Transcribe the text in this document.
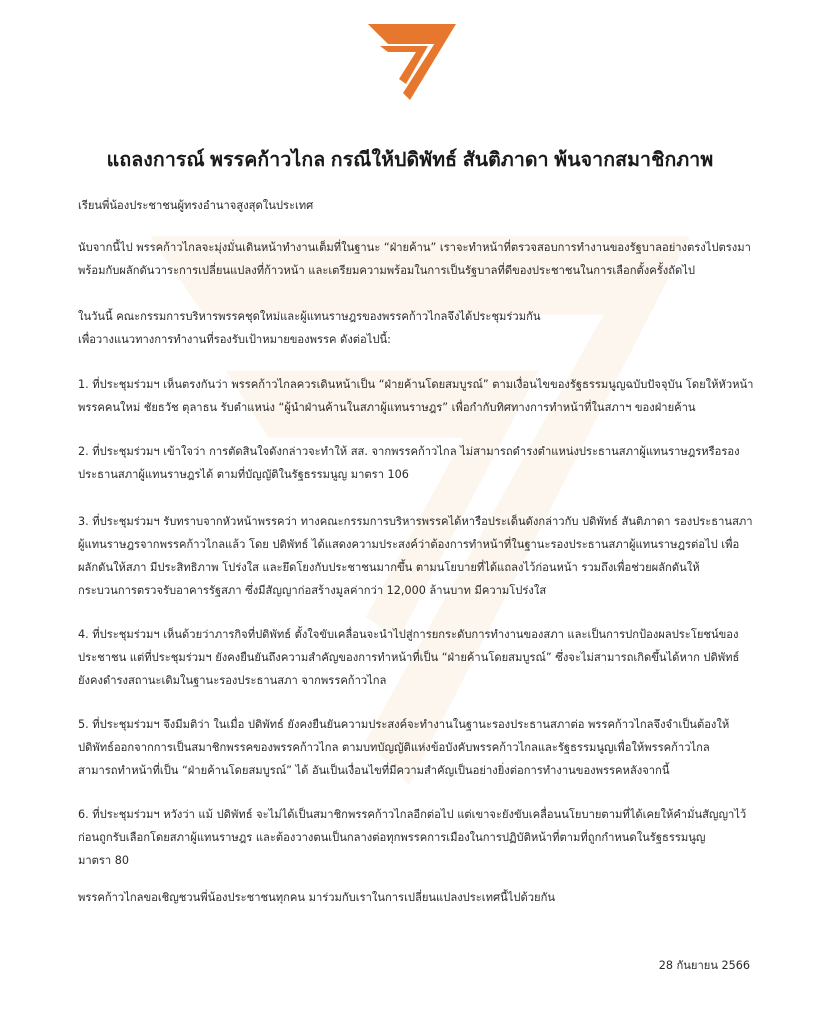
แถลงการณ์ พรรคก้าวไกล กรณีให้ปดิพัทธ์ สันติภาดา พ้นจากสมาชิกภาพ
เรียนพี่น้องประชาชนผู้ทรงอำนาจสูงสุดในประเทศ
นับจากนี้ไป พรรคก้าวไกลจะมุ่งมั่นเดินหน้าทำงานเต็มที่ในฐานะ “ฝ่ายค้าน” เราจะทำหน้าที่ตรวจสอบการทำงานของรัฐบาลอย่างตรงไปตรงมา
พร้อมกับผลักดันวาระการเปลี่ยนแปลงที่ก้าวหน้า และเตรียมความพร้อมในการเป็นรัฐบาลที่ดีของประชาชนในการเลือกตั้งครั้งถัดไป
ในวันนี้ คณะกรรมการบริหารพรรคชุดใหม่และผู้แทนราษฎรของพรรคก้าวไกลจึงได้ประชุมร่วมกัน
เพื่อวางแนวทางการทำงานที่รองรับเป้าหมายของพรรค ดังต่อไปนี้:
1. ที่ประชุมร่วมฯ เห็นตรงกันว่า พรรคก้าวไกลควรเดินหน้าเป็น “ฝ่ายค้านโดยสมบูรณ์” ตามเงื่อนไขของรัฐธรรมนูญฉบับปัจจุบัน โดยให้หัวหน้า
พรรคคนใหม่ ชัยธวัช ตุลาธน รับตำแหน่ง “ผู้นำฝ่านค้านในสภาผู้แทนราษฎร” เพื่อกำกับทิศทางการทำหน้าที่ในสภาฯ ของฝ่ายค้าน
2. ที่ประชุมร่วมฯ เข้าใจว่า การตัดสินใจดังกล่าวจะทำให้ สส. จากพรรคก้าวไกล ไม่สามารถดำรงตำแหน่งประธานสภาผู้แทนราษฎรหรือรอง
ประธานสภาผู้แทนราษฎรได้ ตามที่บัญญัติในรัฐธรรมนูญ มาตรา 106
3. ที่ประชุมร่วมฯ รับทราบจากหัวหน้าพรรคว่า ทางคณะกรรมการบริหารพรรคได้หารือประเด็นดังกล่าวกับ ปดิพัทธ์ สันติภาดา รองประธานสภา
ผู้แทนราษฎรจากพรรคก้าวไกลแล้ว โดย ปดิพัทธ์ ได้แสดงความประสงค์ว่าต้องการทำหน้าที่ในฐานะรองประธานสภาผู้แทนราษฎรต่อไป เพื่อ
ผลักดันให้สภา มีประสิทธิภาพ โปร่งใส และยึดโยงกับประชาชนมากขึ้น ตามนโยบายที่ได้แถลงไว้ก่อนหน้า รวมถึงเพื่อช่วยผลักดันให้
กระบวนการตรวจรับอาคารรัฐสภา ซึ่งมีสัญญาก่อสร้างมูลค่ากว่า 12,000 ล้านบาท มีความโปร่งใส
4. ที่ประชุมร่วมฯ เห็นด้วยว่าภารกิจที่ปดิพัทธ์ ตั้งใจขับเคลื่อนจะนำไปสู่การยกระดับการทำงานของสภา และเป็นการปกป้องผลประโยชน์ของ
ประชาชน แต่ที่ประชุมร่วมฯ ยังคงยืนยันถึงความสำคัญของการทำหน้าที่เป็น “ฝ่ายค้านโดยสมบูรณ์” ซึ่งจะไม่สามารถเกิดขึ้นได้หาก ปดิพัทธ์
ยังคงดำรงสถานะเดิมในฐานะรองประธานสภา จากพรรคก้าวไกล
5. ที่ประชุมร่วมฯ จึงมีมติว่า ในเมื่อ ปดิพัทธ์ ยังคงยืนยันความประสงค์จะทำงานในฐานะรองประธานสภาต่อ พรรคก้าวไกลจึงจำเป็นต้องให้
ปดิพัทธ์ออกจากการเป็นสมาชิกพรรคของพรรคก้าวไกล ตามบทบัญญัติแห่งข้อบังคับพรรคก้าวไกลและรัฐธรรมนูญเพื่อให้พรรคก้าวไกล
สามารถทำหน้าที่เป็น “ฝ่ายค้านโดยสมบูรณ์” ได้ อันเป็นเงื่อนไขที่มีความสำคัญเป็นอย่างยิ่งต่อการทำงานของพรรคหลังจากนี้
6. ที่ประชุมร่วมฯ หวังว่า แม้ ปดิพัทธ์ จะไม่ได้เป็นสมาชิกพรรคก้าวไกลอีกต่อไป แต่เขาจะยังขับเคลื่อนนโยบายตามที่ได้เคยให้คำมั่นสัญญาไว้
ก่อนถูกรับเลือกโดยสภาผู้แทนราษฎร และต้องวางตนเป็นกลางต่อทุกพรรคการเมืองในการปฏิบัติหน้าที่ตามที่ถูกกำหนดในรัฐธรรมนูญ
มาตรา 80
พรรคก้าวไกลขอเชิญชวนพี่น้องประชาชนทุกคน มาร่วมกับเราในการเปลี่ยนแปลงประเทศนี้ไปด้วยกัน
28 กันยายน 2566
